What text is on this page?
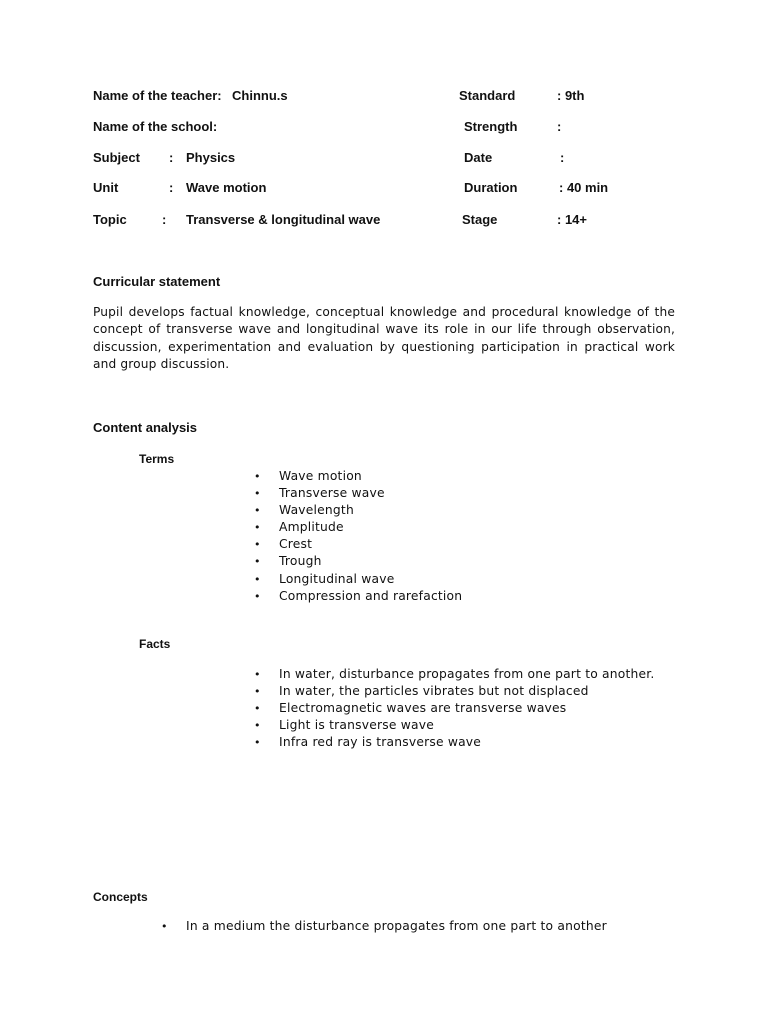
Name of the teacher: Chinnu.s	Standard	: 9th
Name of the school:	Strength	:
Subject : Physics	Date	:
Unit	: Wave motion	Duration	: 40 min
Topic	: Transverse & longitudinal wave	Stage	: 14+
Curricular statement
Pupil develops factual knowledge, conceptual knowledge and procedural knowledge of the concept of transverse wave and longitudinal wave its role in our life through observation, discussion, experimentation and evaluation by questioning participation in practical work and group discussion.
Content analysis
Terms
• Wave motion
• Transverse wave
• Wavelength
• Amplitude
• Crest
• Trough
• Longitudinal wave
• Compression and rarefaction
Facts
• In water, disturbance propagates from one part to another.
• In water, the particles vibrates but not displaced
• Electromagnetic waves are transverse waves
• Light is transverse wave
• Infra red ray is transverse wave
Concepts
• In a medium the disturbance propagates from one part to another
